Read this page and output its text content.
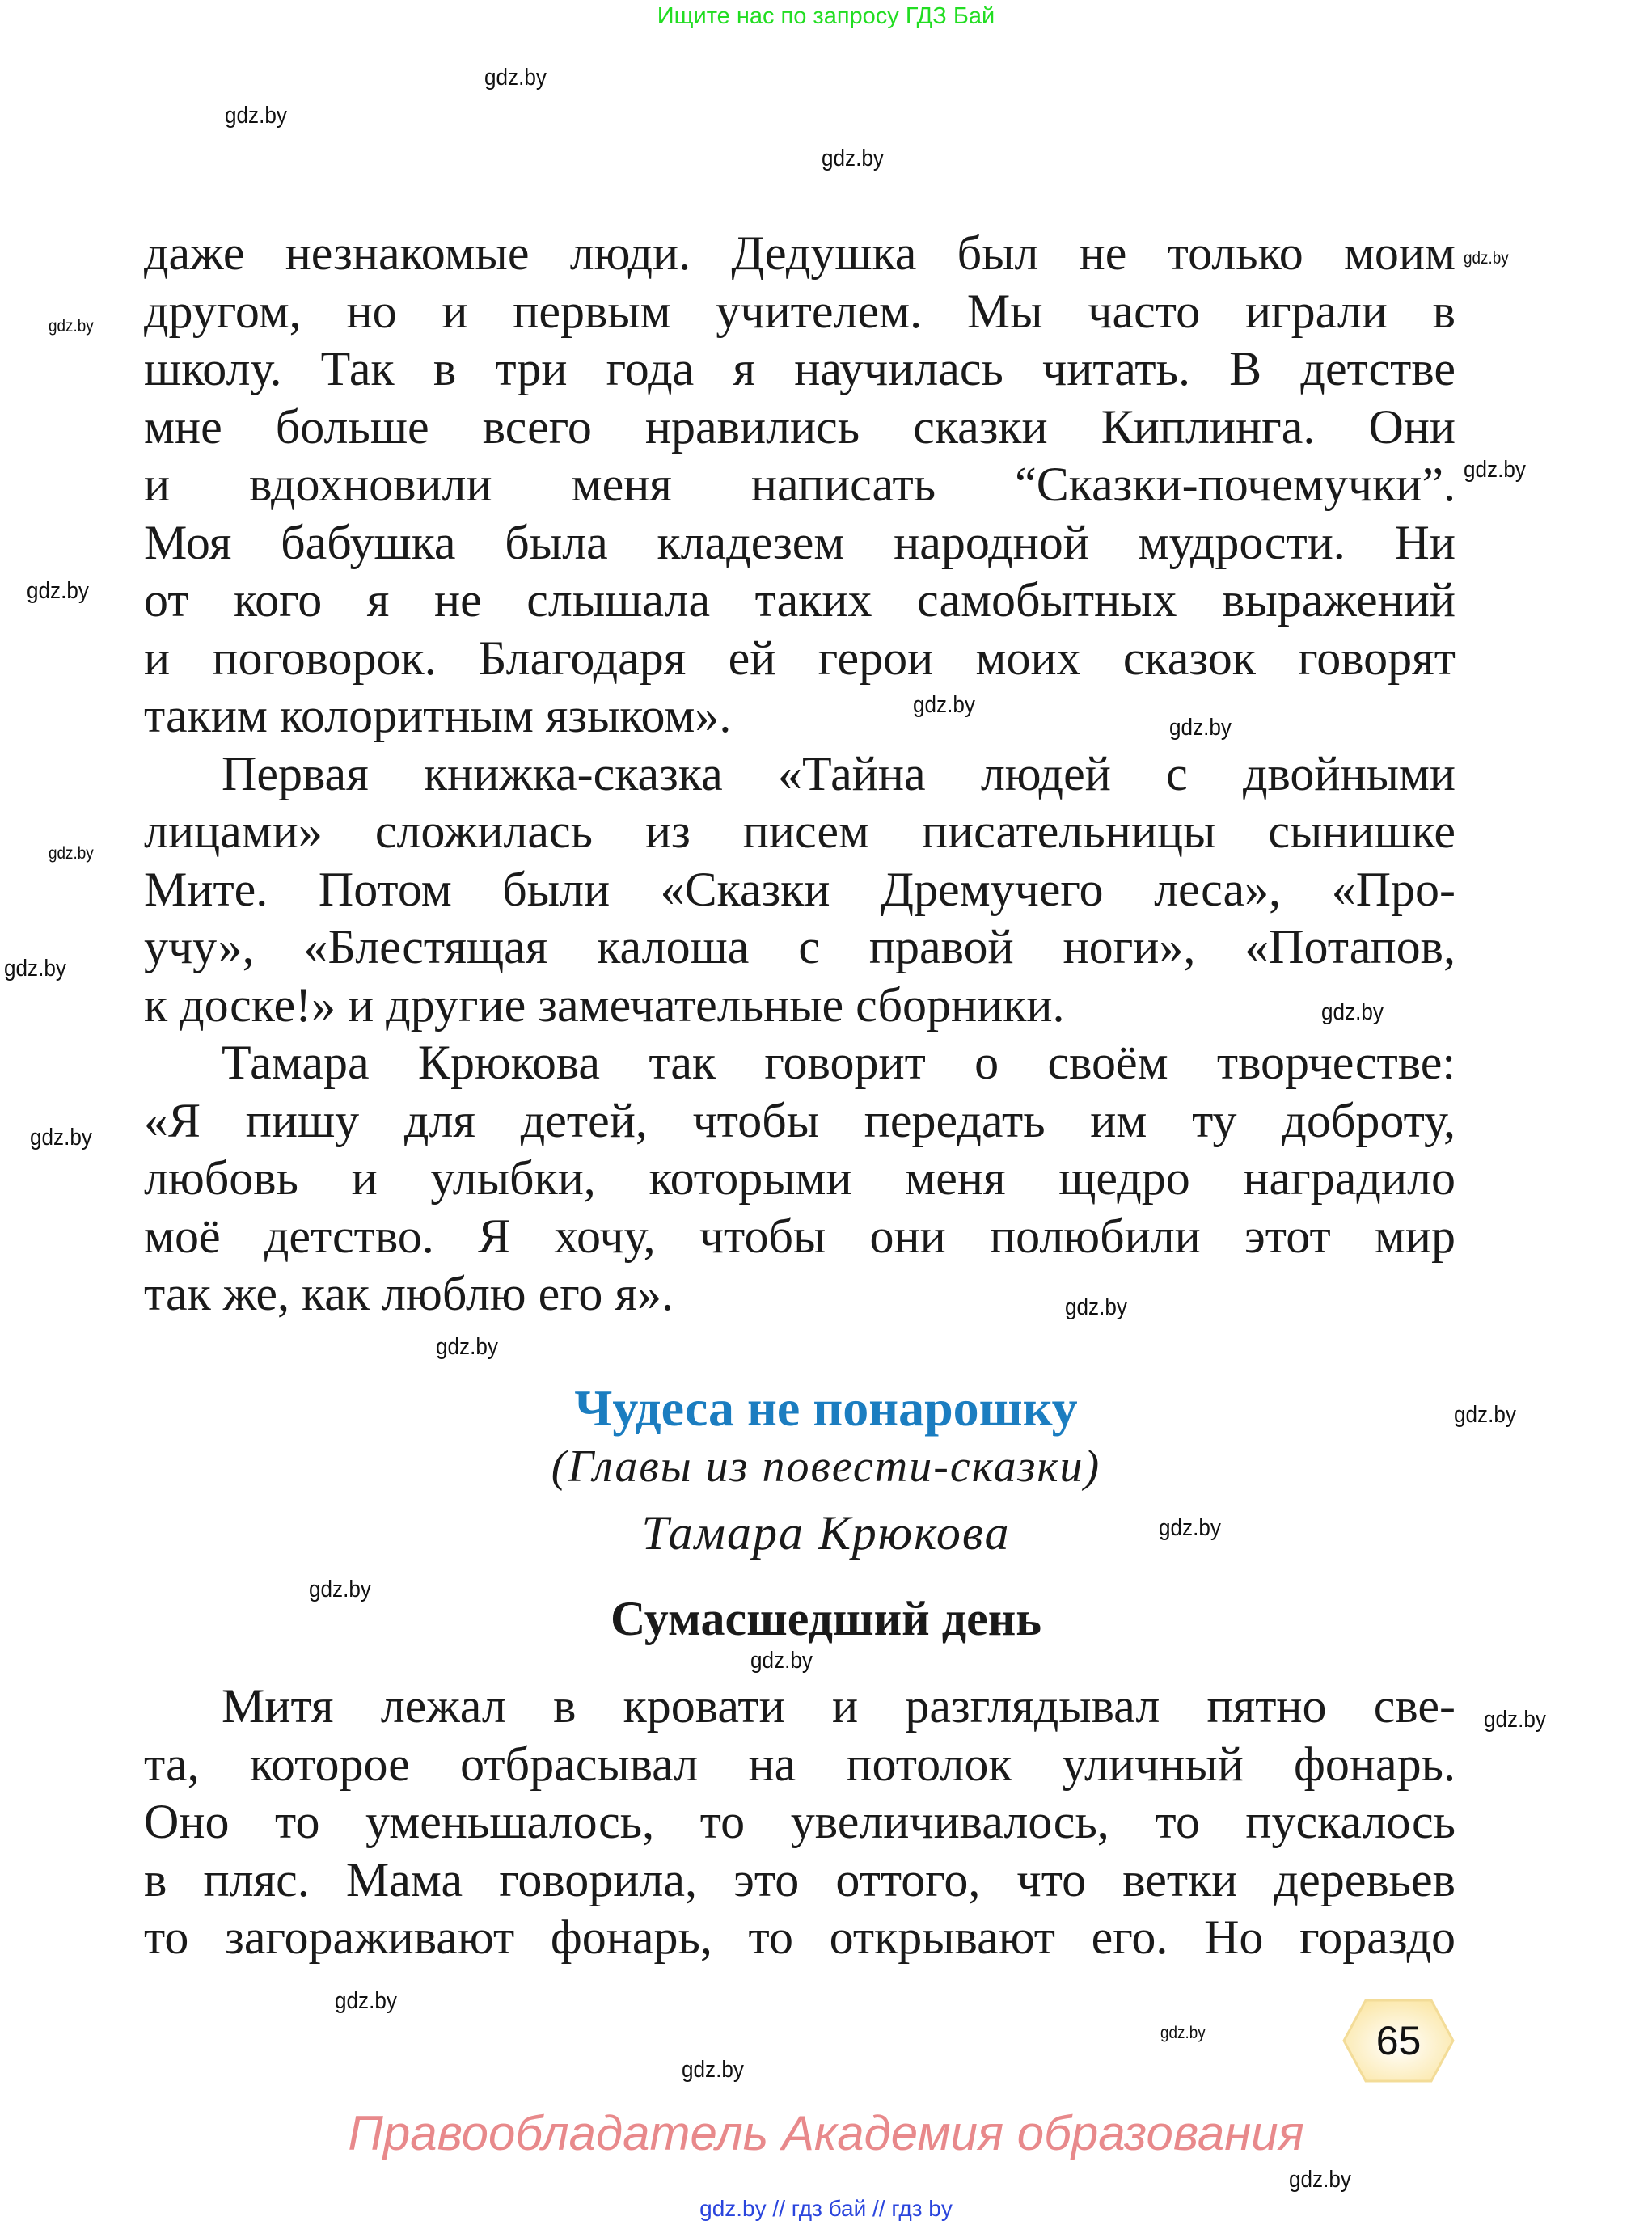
Ищите нас по запросу ГДЗ Бай
даже незнакомые люди. Дедушка был не только моим
другом, но и первым учителем. Мы часто играли в
школу. Так в три года я научилась читать. В детстве
мне больше всего нравились сказки Киплинга. Они
и вдохновили меня написать “Сказки-почемучки”.
Моя бабушка была кладезем народной мудрости. Ни
от кого я не слышала таких самобытных выражений
и поговорок. Благодаря ей герои моих сказок говорят
таким колоритным языком».
Первая книжка-сказка «Тайна людей с двойными
лицами» сложилась из писем писательницы сынишке
Мите. Потом были «Сказки Дремучего леса», «Про-
учу», «Блестящая калоша с правой ноги», «Потапов,
к доске!» и другие замечательные сборники.
Тамара Крюкова так говорит о своём творчестве:
«Я пишу для детей, чтобы передать им ту доброту,
любовь и улыбки, которыми меня щедро наградило
моё детство. Я хочу, чтобы они полюбили этот мир
так же, как люблю его я».
Чудеса не понарошку
(Главы из повести-сказки)
Тамара Крюкова
Сумасшедший день
Митя лежал в кровати и разглядывал пятно све-
та, которое отбрасывал на потолок уличный фонарь.
Оно то уменьшалось, то увеличивалось, то пускалось
в пляс. Мама говорила, это оттого, что ветки деревьев
то загораживают фонарь, то открывают его. Но гораздо
65
Правообладатель Академия образования
gdz.by // гдз бай // гдз by
gdz.by
gdz.by
gdz.by
gdz.by
gdz.by
gdz.by
gdz.by
gdz.by
gdz.by
gdz.by
gdz.by
gdz.by
gdz.by
gdz.by
gdz.by
gdz.by
gdz.by
gdz.by
gdz.by
gdz.by
gdz.by
gdz.by
gdz.by
gdz.by
